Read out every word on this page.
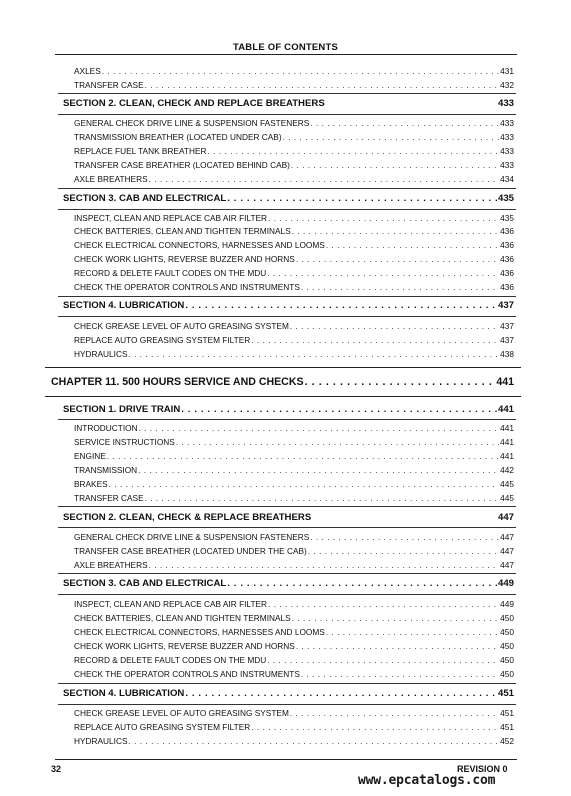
TABLE OF CONTENTS
AXLES . . .	431
TRANSFER CASE . . .	432
SECTION 2. CLEAN, CHECK AND REPLACE BREATHERS	433
GENERAL CHECK DRIVE LINE & SUSPENSION FASTENERS . . .	433
TRANSMISSION BREATHER (LOCATED UNDER CAB) . . .	433
REPLACE FUEL TANK BREATHER . . .	433
TRANSFER CASE BREATHER (LOCATED BEHIND CAB) . . .	433
AXLE BREATHERS . . .	434
SECTION 3. CAB AND ELECTRICAL . . .	435
INSPECT, CLEAN AND REPLACE CAB AIR FILTER . . .	435
CHECK BATTERIES, CLEAN AND TIGHTEN TERMINALS . . .	436
CHECK ELECTRICAL CONNECTORS, HARNESSES AND LOOMS . . .	436
CHECK WORK LIGHTS, REVERSE BUZZER AND HORNS . . .	436
RECORD & DELETE FAULT CODES ON THE MDU . . .	436
CHECK THE OPERATOR CONTROLS AND INSTRUMENTS . . .	436
SECTION 4. LUBRICATION . . .	437
CHECK GREASE LEVEL OF AUTO GREASING SYSTEM . . .	437
REPLACE AUTO GREASING SYSTEM FILTER . . .	437
HYDRAULICS . . .	438
CHAPTER 11. 500 HOURS SERVICE AND CHECKS . . .	441
SECTION 1. DRIVE TRAIN . . .	441
INTRODUCTION . . .	441
SERVICE INSTRUCTIONS . . .	441
ENGINE . . .	441
TRANSMISSION . . .	442
BRAKES . . .	445
TRANSFER CASE . . .	445
SECTION 2. CLEAN, CHECK & REPLACE BREATHERS	447
GENERAL CHECK DRIVE LINE & SUSPENSION FASTENERS . . .	447
TRANSFER CASE BREATHER (LOCATED UNDER THE CAB) . . .	447
AXLE BREATHERS . . .	447
SECTION 3. CAB AND ELECTRICAL . . .	449
INSPECT, CLEAN AND REPLACE CAB AIR FILTER . . .	449
CHECK BATTERIES, CLEAN AND TIGHTEN TERMINALS . . .	450
CHECK ELECTRICAL CONNECTORS, HARNESSES AND LOOMS . . .	450
CHECK WORK LIGHTS, REVERSE BUZZER AND HORNS . . .	450
RECORD & DELETE FAULT CODES ON THE MDU . . .	450
CHECK THE OPERATOR CONTROLS AND INSTRUMENTS . . .	450
SECTION 4. LUBRICATION . . .	451
CHECK GREASE LEVEL OF AUTO GREASING SYSTEM . . .	451
REPLACE AUTO GREASING SYSTEM FILTER . . .	451
HYDRAULICS . . .	452
32	REVISION 0
www.epcatalogs.com
